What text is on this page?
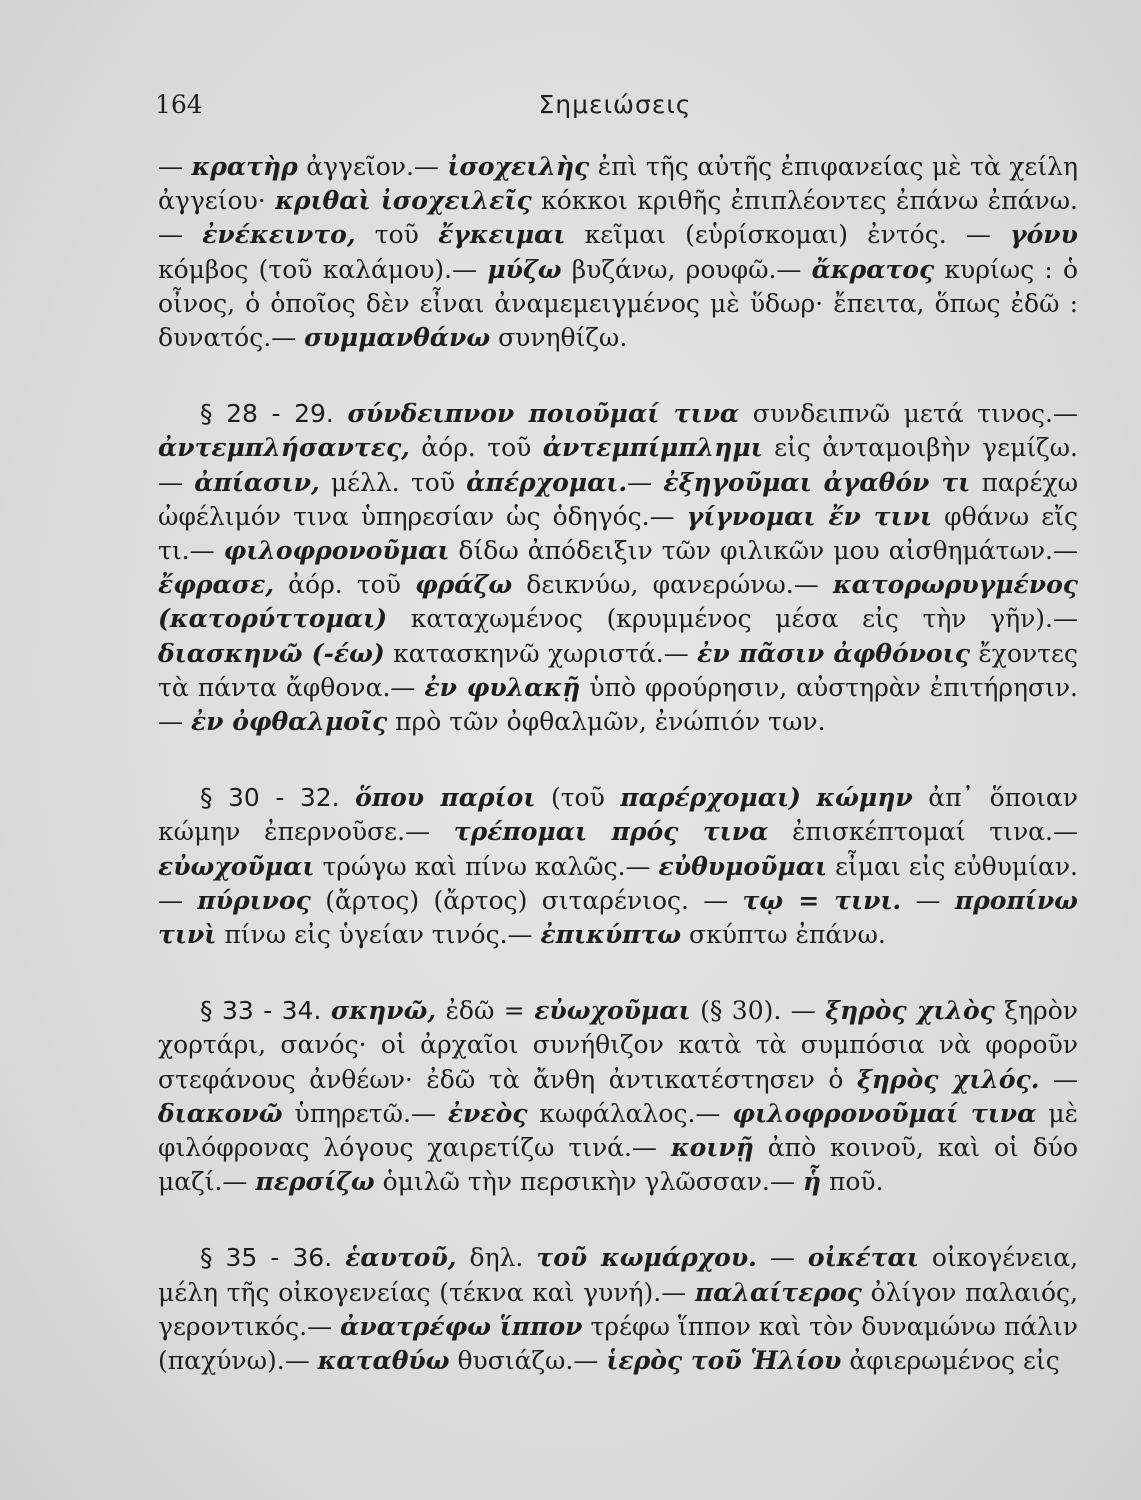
164	Σημειώσεις

— κρατὴρ ἀγγεῖον.— ἰσοχειλὴς ἐπὶ τῆς αὐτῆς ἐπιφανείας μὲ τὰ χείλη ἀγγείου· κριθαὶ ἰσοχειλεῖς κόκκοι κριθῆς ἐπιπλέοντες ἐπάνω ἐπάνω. — ἐνέκειντο, τοῦ ἔγκειμαι κεῖμαι (εὑρίσκομαι) ἐντός. — γόνυ κόμβος (τοῦ καλάμου).— μύζω βυζάνω, ρουφῶ.— ἄκρατος κυρίως : ὁ οἶνος, ὁ ὁποῖος δὲν εἶναι ἀναμεμειγμένος μὲ ὕδωρ· ἔπειτα, ὅπως ἐδῶ : δυνατός.— συμμανθάνω συνηθίζω.

§ 28 - 29. σύνδειπνον ποιοῦμαί τινα συνδειπνῶ μετά τινος.— ἀντεμπλήσαντες, ἀόρ. τοῦ ἀντεμπίμπλημι εἰς ἀνταμοιβὴν γεμίζω.— ἀπίασιν, μέλλ. τοῦ ἀπέρχομαι.— ἐξηγοῦμαι ἀγαθόν τι παρέχω ὠφέλιμόν τινα ὑπηρεσίαν ὡς ὁδηγός.— γίγνομαι ἔν τινι φθάνω εἴς τι.— φιλοφρονοῦμαι δίδω ἀπόδειξιν τῶν φιλικῶν μου αἰσθημάτων.— ἔφρασε, ἀόρ. τοῦ φράζω δεικνύω, φανερώνω.— κατορωρυγμένος (κατορύττομαι) καταχωμένος (κρυμμένος μέσα εἰς τὴν γῆν).—διασκηνῶ (-έω) κατασκηνῶ χωριστά.— ἐν πᾶσιν ἀφθόνοις ἔχοντες τὰ πάντα ἄφθονα.— ἐν φυλακῇ ὑπὸ φρούρησιν, αὐστηρὰν ἐπιτήρησιν.— ἐν ὀφθαλμοῖς πρὸ τῶν ὀφθαλμῶν, ἐνώπιόν των.

§ 30 - 32. ὅπου παρίοι (τοῦ παρέρχομαι) κώμην ἀπ᾿ ὅποιαν κώμην ἐπερνοῦσε.— τρέπομαι πρός τινα ἐπισκέπτομαί τινα.— εὐωχοῦμαι τρώγω καὶ πίνω καλῶς.— εὐθυμοῦμαι εἶμαι εἰς εὐθυμίαν.— πύρινος (ἄρτος) (ἄρτος) σιταρένιος. — τῳ = τινι. — προπίνω τινὶ πίνω εἰς ὑγείαν τινός.— ἐπικύπτω σκύπτω ἐπάνω.

§ 33 - 34. σκηνῶ, ἐδῶ = εὐωχοῦμαι (§ 30). — ξηρὸς χιλὸς ξηρὸν χορτάρι, σανός· οἱ ἀρχαῖοι συνήθιζον κατὰ τὰ συμπόσια νὰ φοροῦν στεφάνους ἀνθέων· ἐδῶ τὰ ἄνθη ἀντικατέστησεν ὁ ξηρὸς χιλός. — διακονῶ ὑπηρετῶ.— ἐνεὸς κωφάλαλος.— φιλοφρονοῦμαί τινα μὲ φιλόφρονας λόγους χαιρετίζω τινά.— κοινῇ ἀπὸ κοινοῦ, καὶ οἱ δύο μαζί.— περσίζω ὁμιλῶ τὴν περσικὴν γλῶσσαν.— ἧ ποῦ.

§ 35 - 36. ἑαυτοῦ, δηλ. τοῦ κωμάρχου. — οἰκέται οἰκογένεια, μέλη τῆς οἰκογενείας (τέκνα καὶ γυνή).— παλαίτερος ὀλίγον παλαιός, γεροντικός.— ἀνατρέφω ἵππον τρέφω ἵππον καὶ τὸν δυναμώνω πάλιν (παχύνω).— καταθύω θυσιάζω.— ἱερὸς τοῦ Ἡλίου ἀφιερωμένος εἰς
